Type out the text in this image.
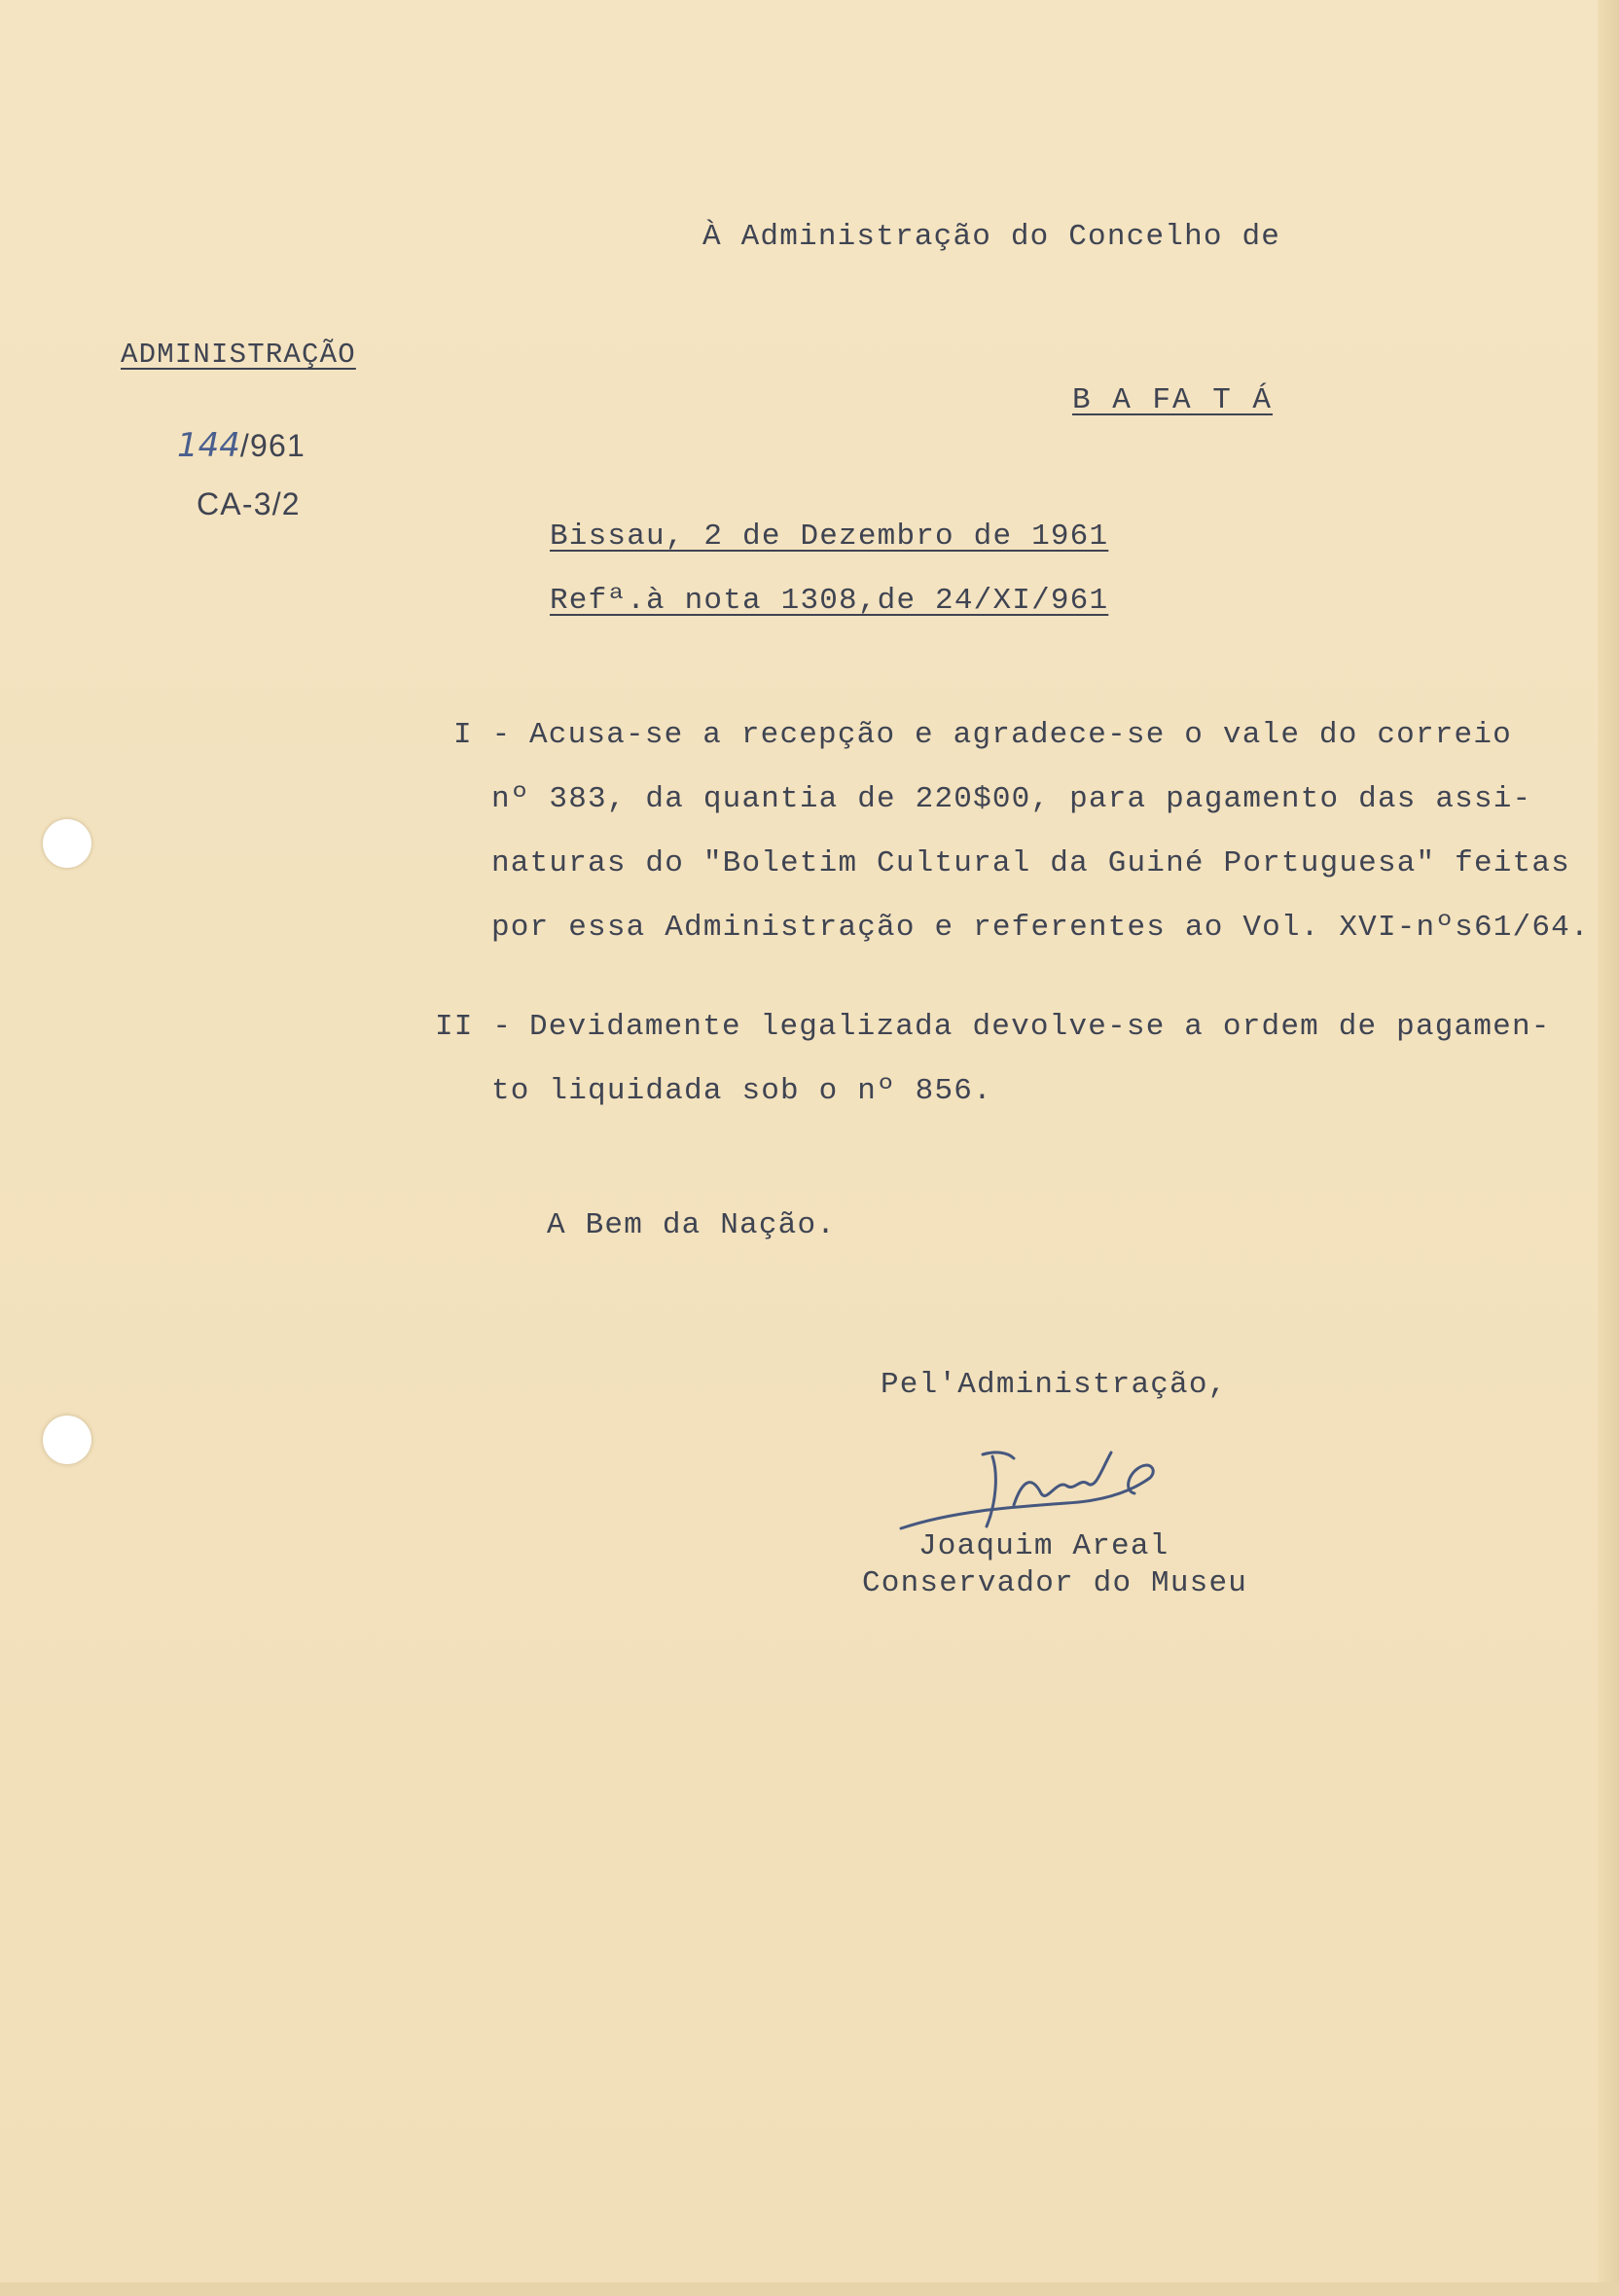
À Administração do Concelho de
B A FA T Á
ADMINISTRAÇÃO
144/961
CA-3/2
Bissau, 2 de Dezembro de 1961
Refª.à nota 1308,de 24/XI/961
I -
Acusa-se a recepção e agradece-se o vale do correio
nº 383, da quantia de 220$00, para pagamento das assi-
naturas do "Boletim Cultural da Guiné Portuguesa" feitas
por essa Administração e referentes ao Vol. XVI-nºs61/64.
II -
Devidamente legalizada devolve-se a ordem de pagamen-
to liquidada sob o nº 856.
A Bem da Nação.
Pel'Administração,
Joaquim Areal
Conservador do Museu
